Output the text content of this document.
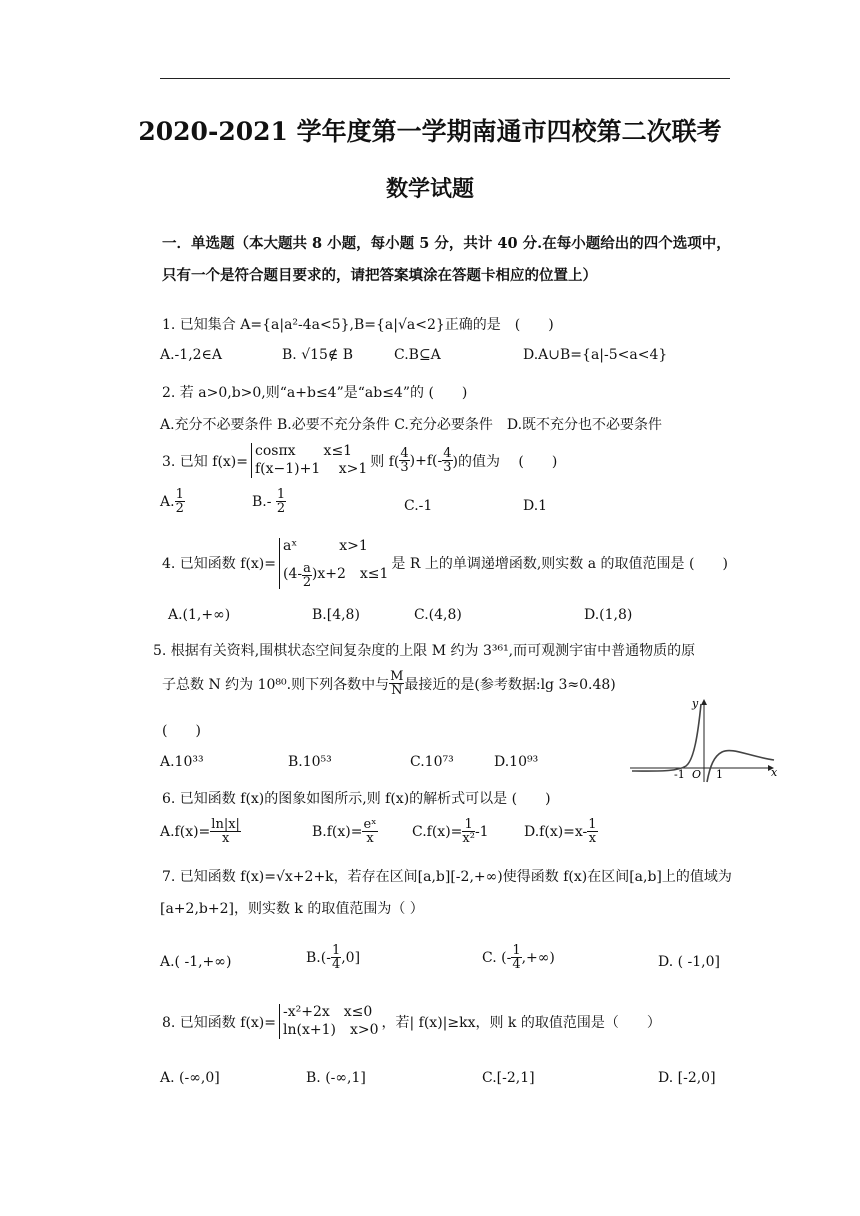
2020-2021 学年度第一学期南通市四校第二次联考
数学试题
一．单选题（本大题共 8 小题，每小题 5 分，共计 40 分.在每小题给出的四个选项中，
只有一个是符合题目要求的，请把答案填涂在答题卡相应的位置上）
1. 已知集合 A={a|a²-4a<5},B={a|√a<2}正确的是　(　　)
A.-1,2∈A	B. √15∉ B	C.B⊆A	D.A∪B={a|-5<a<4}
2. 若 a>0,b>0,则“a+b≤4”是“ab≤4”的 (　　)
A.充分不必要条件 B.必要不充分条件 C.充分必要条件　D.既不充分也不必要条件
3. 已知 f(x)=
cosπx　　x≤1
f(x−1)+1　 x>1 则 $f( \frac{4}{3} )+f(- \frac{4}{3}$ )的值为　 (　　)
A. $\frac{1}{2}$	B.-
$\frac{1}{2}$	C.-1	D.1
4. 已知函数 f(x)=
aˣ　　　x>1
$(4- \frac{a}{2} )x+2$　x≤1
是 R 上的单调递增函数,则实数 a 的取值范围是 (　　)
A.(1,+∞)	B.[4,8)	C.(4,8)	D.(1,8)
5. 根据有关资料,围棋状态空间复杂度的上限 M 约为 3³⁶¹,而可观测宇宙中普通物质的原
子总数 N 约为 10⁸⁰.则下列各数中与 $\frac{M}{N}$ 最接近的是(参考数据:lg 3≈0.48)
(　　)
A.10³³	B.10⁵³	C.10⁷³	D.10⁹³
x
y
O
-1	1
6. 已知函数 f(x)的图象如图所示,则 f(x)的解析式可以是 (　　)
$A.f(x)= \frac{\ln|x|}{x}$	$B.f(x)= \frac{\text{eˣ}}{x} C.f(x)= \frac{1}{\text{x²}} -1$	$D.f(x)=x- \frac{1}{x}$
7. 已知函数 f(x)=√x+2+k，若存在区间[a,b][-2,+∞)使得函数 f(x)在区间[a,b]上的值域为
[a+2,b+2]，则实数 k 的取值范围为（ ）
A.( -1,+∞)	$B.(- \frac{1}{4} ,0]$	C. (- $\frac{1}{4}$ ,+∞)	D. ( -1,0]
8. 已知函数 f(x)=
-x²+2x　x≤0
ln(x+1)　x>0 ，若| f(x)|≥kx，则 k 的取值范围是（　　）
A. (-∞,0]	B. (-∞,1]	C.[-2,1]	D. [-2,0]
